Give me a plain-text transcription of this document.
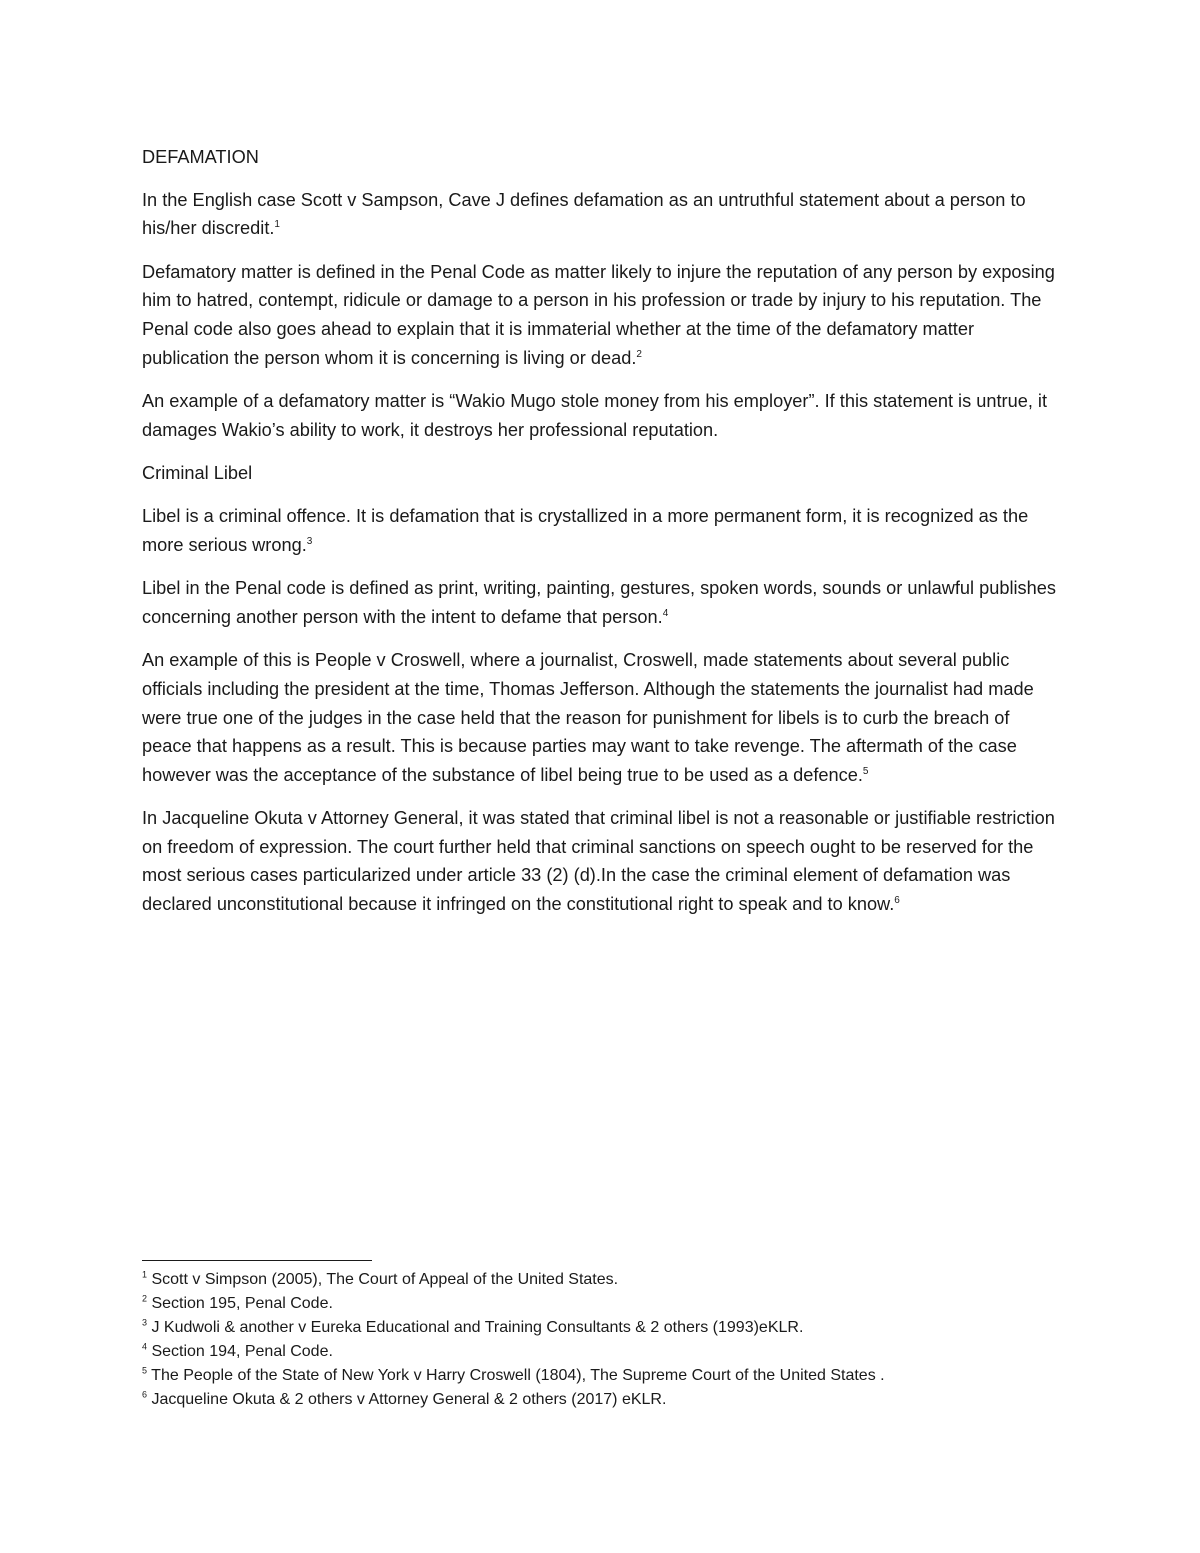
DEFAMATION

In the English case Scott v Sampson, Cave J defines defamation as an untruthful statement about a person to his/her discredit.$^1$

Defamatory matter is defined in the Penal Code as matter likely to injure the reputation of any person by exposing him to hatred, contempt, ridicule or damage to a person in his profession or trade by injury to his reputation. The Penal code also goes ahead to explain that it is immaterial whether at the time of the defamatory matter publication the person whom it is concerning is living or dead.$^2$

An example of a defamatory matter is “Wakio Mugo stole money from his employer”. If this statement is untrue, it damages Wakio’s ability to work, it destroys her professional reputation.

Criminal Libel

Libel is a criminal offence. It is defamation that is crystallized in a more permanent form, it is recognized as the more serious wrong.$^3$

Libel in the Penal code is defined as print, writing, painting, gestures, spoken words, sounds or unlawful publishes concerning another person with the intent to defame that person.$^4$

An example of this is People v Croswell, where a journalist, Croswell, made statements about several public officials including the president at the time, Thomas Jefferson. Although the statements the journalist had made were true one of the judges in the case held that the reason for punishment for libels is to curb the breach of peace that happens as a result. This is because parties may want to take revenge. The aftermath of the case however was the acceptance of the substance of libel being true to be used as a defence.$^5$

In Jacqueline Okuta v Attorney General, it was stated that criminal libel is not a reasonable or justifiable restriction on freedom of expression. The court further held that criminal sanctions on speech ought to be reserved for the most serious cases particularized under article 33 (2) (d).In the case the criminal element of defamation was declared unconstitutional because it infringed on the constitutional right to speak and to know.$^6$

$^1$ Scott v Simpson (2005), The Court of Appeal of the United States.

$^2$ Section 195, Penal Code.

$^3$ J Kudwoli & another v Eureka Educational and Training Consultants & 2 others (1993)eKLR.

$^4$ Section 194, Penal Code.

$^5$ The People of the State of New York v Harry Croswell (1804), The Supreme Court of the United States .

$^6$ Jacqueline Okuta & 2 others v Attorney General & 2 others (2017) eKLR.
